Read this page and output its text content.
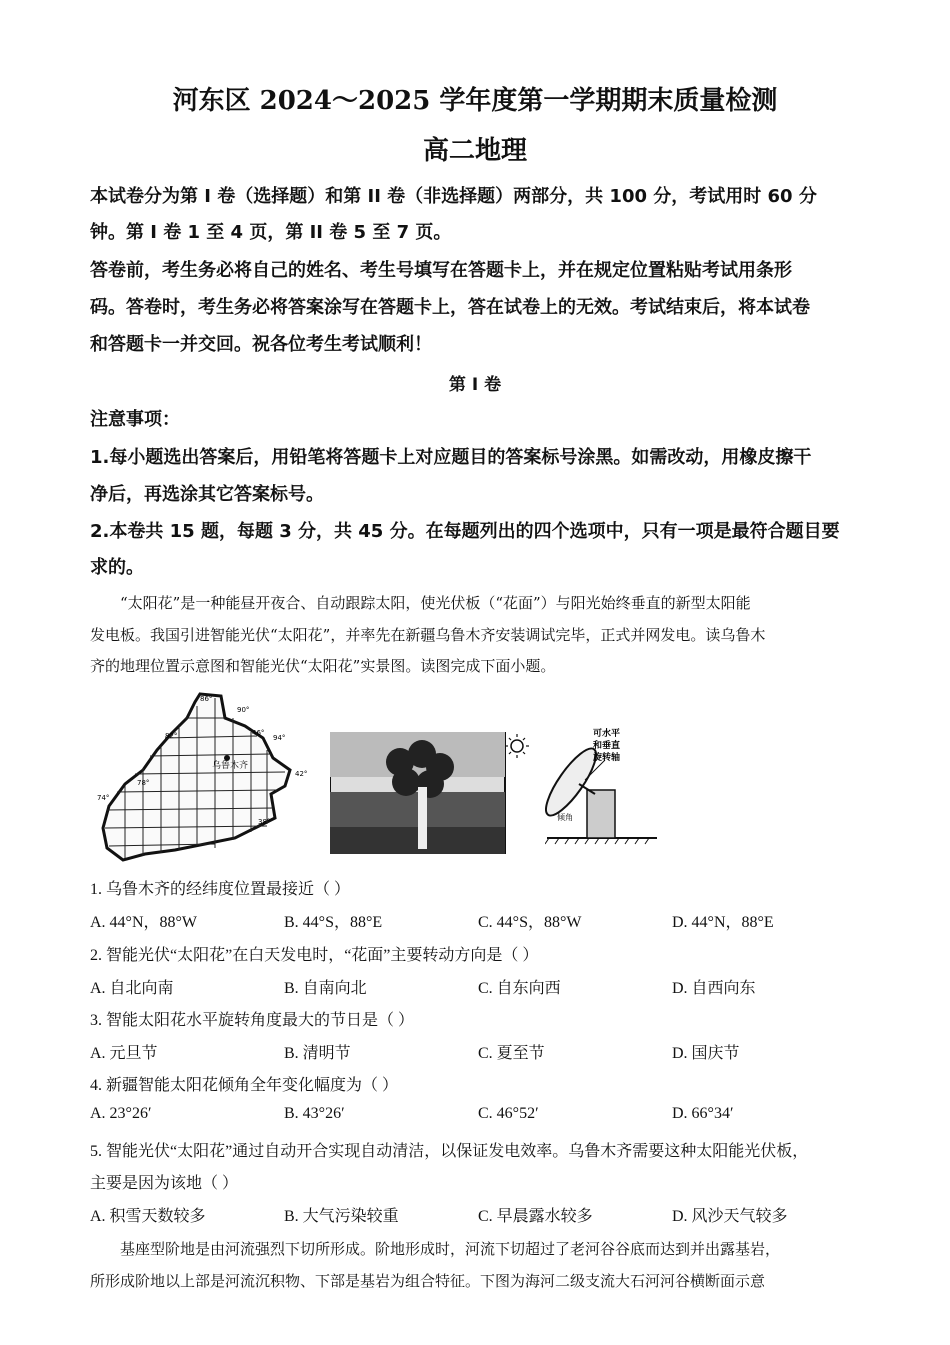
河东区 2024～2025 学年度第一学期期末质量检测
高二地理
本试卷分为第 I 卷（选择题）和第 II 卷（非选择题）两部分，共 100 分，考试用时 60 分
钟。第 I 卷 1 至 4 页，第 II 卷 5 至 7 页。
答卷前，考生务必将自己的姓名、考生号填写在答题卡上，并在规定位置粘贴考试用条形
码。答卷时，考生务必将答案涂写在答题卡上，答在试卷上的无效。考试结束后，将本试卷
和答题卡一并交回。祝各位考生考试顺利！
第 I 卷
注意事项：
1.每小题选出答案后，用铅笔将答题卡上对应题目的答案标号涂黑。如需改动，用橡皮擦干
净后，再选涂其它答案标号。
2.本卷共 15 题，每题 3 分，共 45 分。在每题列出的四个选项中，只有一项是最符合题目要
求的。
“太阳花”是一种能昼开夜合、自动跟踪太阳，使光伏板（“花面”）与阳光始终垂直的新型太阳能
发电板。我国引进智能光伏“太阳花”，并率先在新疆乌鲁木齐安装调试完毕，正式并网发电。读乌鲁木
齐的地理位置示意图和智能光伏“太阳花”实景图。读图完成下面小题。
乌鲁木齐
86°
90°
82°	46°
94°
78°
42°
74°
38°
可水平
和垂直
旋转轴
倾角
1. 乌鲁木齐的经纬度位置最接近（ ）
A. 44°N，88°W	B. 44°S，88°E	C. 44°S，88°W	D. 44°N，88°E
2. 智能光伏“太阳花”在白天发电时，“花面”主要转动方向是（ ）
A. 自北向南	B. 自南向北	C. 自东向西	D. 自西向东
3. 智能太阳花水平旋转角度最大的节日是（ ）
A. 元旦节	B. 清明节	C. 夏至节	D. 国庆节
4. 新疆智能太阳花倾角全年变化幅度为（ ）
A. 23°26′	B. 43°26′	C. 46°52′	D. 66°34′
5. 智能光伏“太阳花”通过自动开合实现自动清洁，以保证发电效率。乌鲁木齐需要这种太阳能光伏板，
主要是因为该地（ ）
A. 积雪天数较多	B. 大气污染较重	C. 早晨露水较多	D. 风沙天气较多
基座型阶地是由河流强烈下切所形成。阶地形成时，河流下切超过了老河谷谷底而达到并出露基岩，
所形成阶地以上部是河流沉积物、下部是基岩为组合特征。下图为海河二级支流大石河河谷横断面示意
